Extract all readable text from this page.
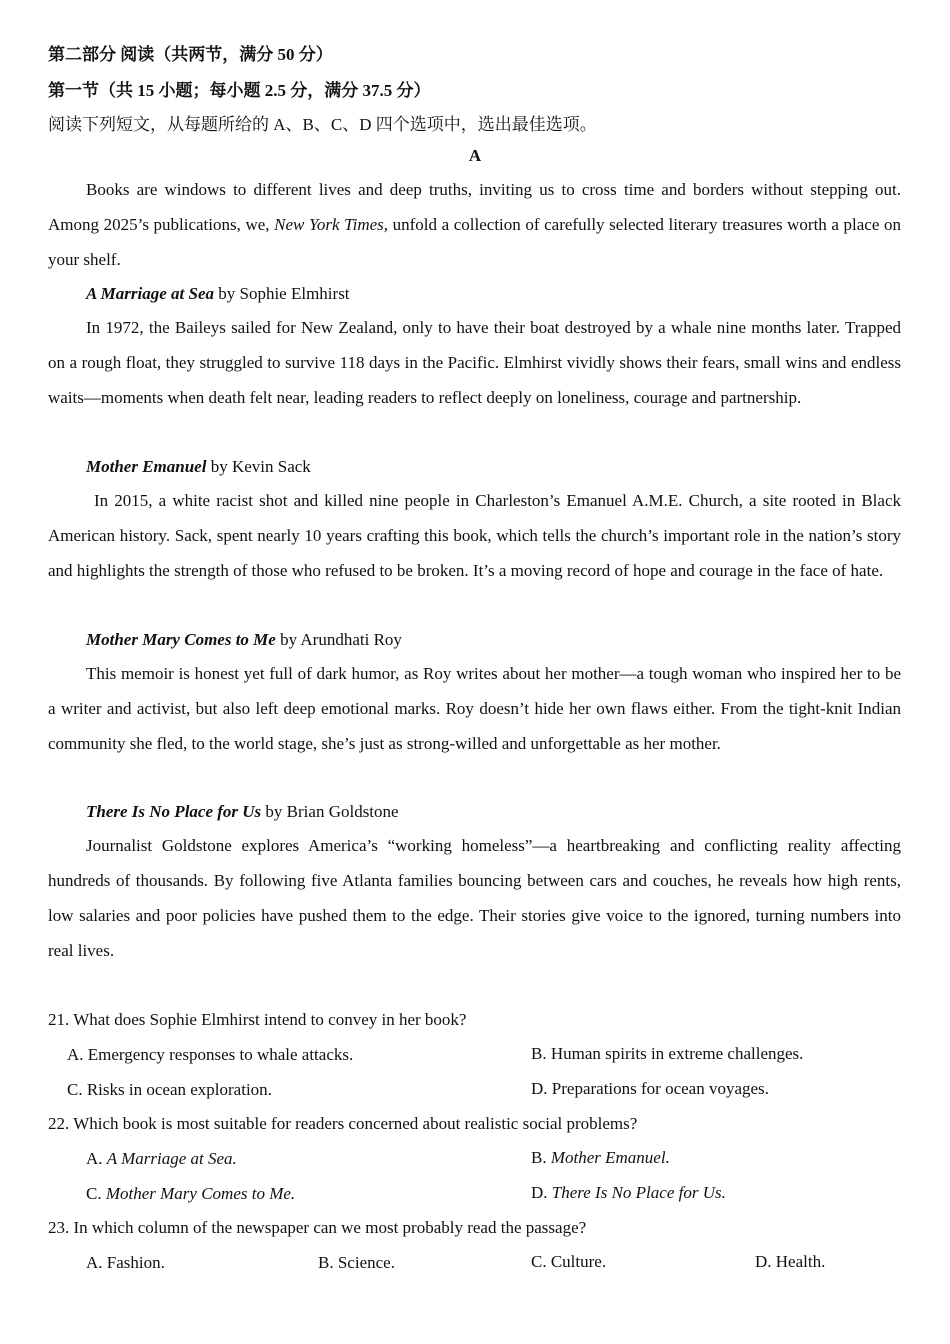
第二部分 阅读（共两节，满分 50 分）
第一节（共 15 小题；每小题 2.5 分，满分 37.5 分）
阅读下列短文，从每题所给的 A、B、C、D 四个选项中，选出最佳选项。
A

Books are windows to different lives and deep truths, inviting us to cross time and borders without stepping out. Among 2025’s publications, we, New York Times, unfold a collection of carefully selected literary treasures worth a place on your shelf.

A Marriage at Sea by Sophie Elmhirst

In 1972, the Baileys sailed for New Zealand, only to have their boat destroyed by a whale nine months later. Trapped on a rough float, they struggled to survive 118 days in the Pacific. Elmhirst vividly shows their fears, small wins and endless waits—moments when death felt near, leading readers to reflect deeply on loneliness, courage and partnership.

Mother Emanuel by Kevin Sack

In 2015, a white racist shot and killed nine people in Charleston’s Emanuel A.M.E. Church, a site rooted in Black American history. Sack, spent nearly 10 years crafting this book, which tells the church’s important role in the nation’s story and highlights the strength of those who refused to be broken. It’s a moving record of hope and courage in the face of hate.

Mother Mary Comes to Me by Arundhati Roy

This memoir is honest yet full of dark humor, as Roy writes about her mother—a tough woman who inspired her to be a writer and activist, but also left deep emotional marks. Roy doesn’t hide her own flaws either. From the tight-knit Indian community she fled, to the world stage, she’s just as strong-willed and unforgettable as her mother.

There Is No Place for Us by Brian Goldstone

Journalist Goldstone explores America’s “working homeless”—a heartbreaking and conflicting reality affecting hundreds of thousands. By following five Atlanta families bouncing between cars and couches, he reveals how high rents, low salaries and poor policies have pushed them to the edge. Their stories give voice to the ignored, turning numbers into real lives.

21. What does Sophie Elmhirst intend to convey in her book?
A. Emergency responses to whale attacks.	B. Human spirits in extreme challenges.
C. Risks in ocean exploration.	D. Preparations for ocean voyages.
22. Which book is most suitable for readers concerned about realistic social problems?
A. A Marriage at Sea.	B. Mother Emanuel.
C. Mother Mary Comes to Me.	D. There Is No Place for Us.
23. In which column of the newspaper can we most probably read the passage?
A. Fashion.	B. Science.	C. Culture.	D. Health.
